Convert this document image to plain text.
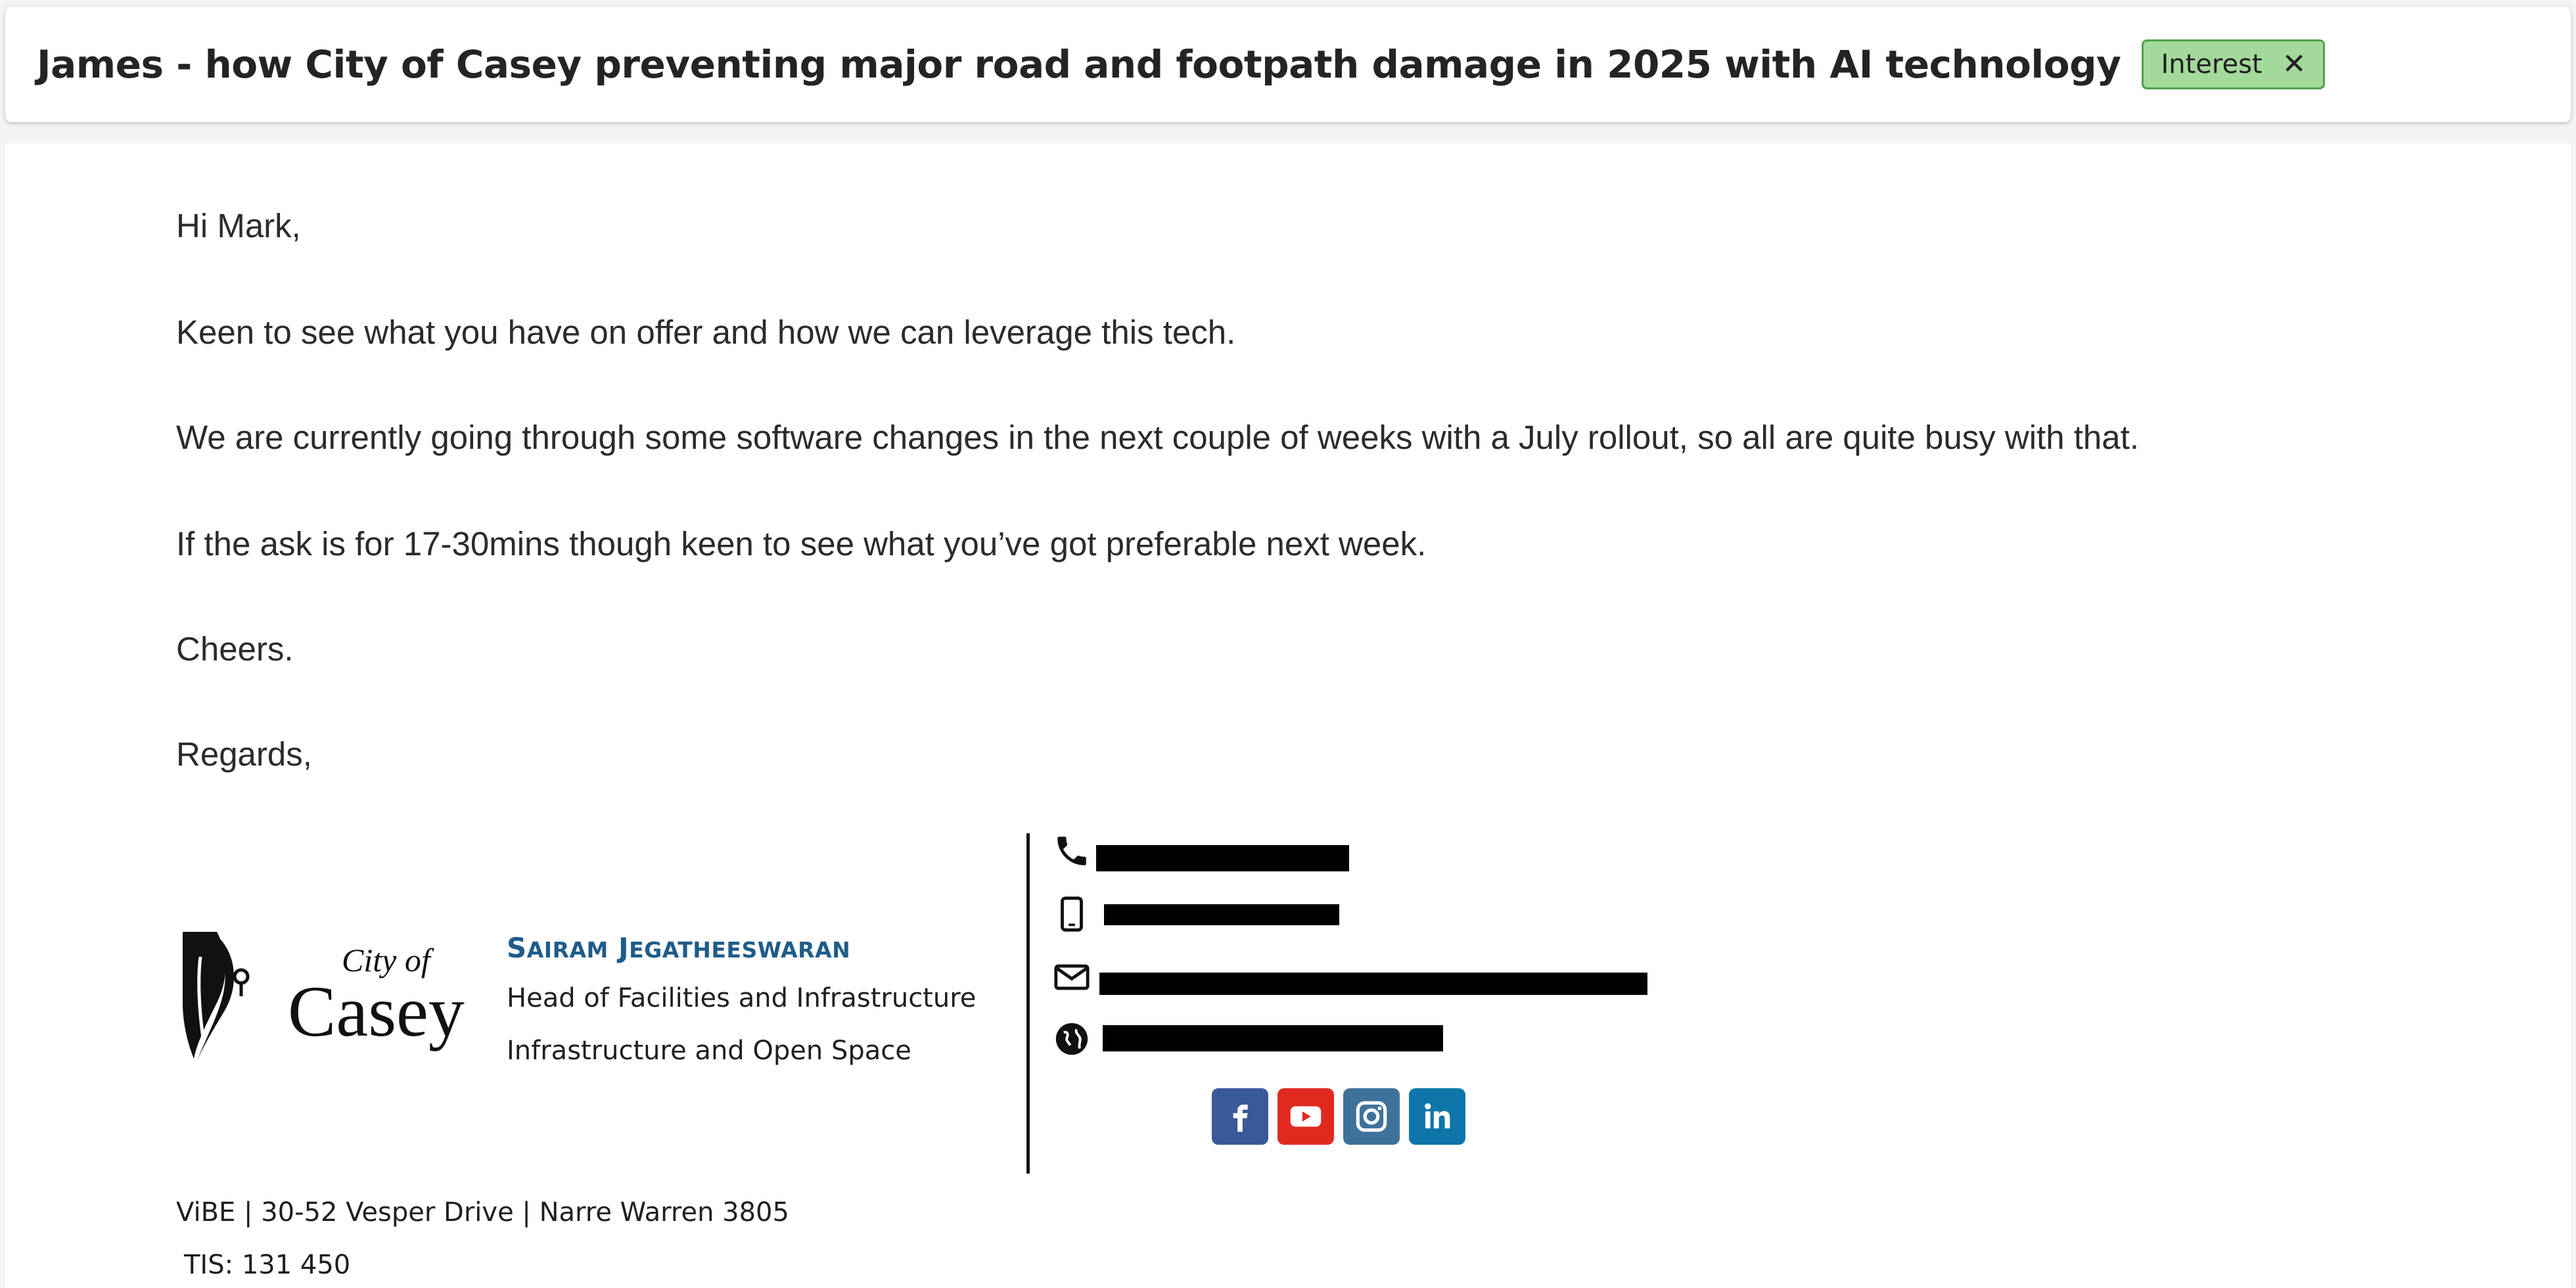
James - how City of Casey preventing major road and footpath damage in 2025 with AI technology Interest ✕

Hi Mark,

Keen to see what you have on offer and how we can leverage this tech.

We are currently going through some software changes in the next couple of weeks with a July rollout, so all are quite busy with that.

If the ask is for 17-30mins though keen to see what you’ve got preferable next week.

Cheers.

Regards,

City of
Casey
SAIRAM JEGATHEESWARAN
Head of Facilities and Infrastructure
Infrastructure and Open Space
ViBE | 30-52 Vesper Drive | Narre Warren 3805
TIS: 131 450
